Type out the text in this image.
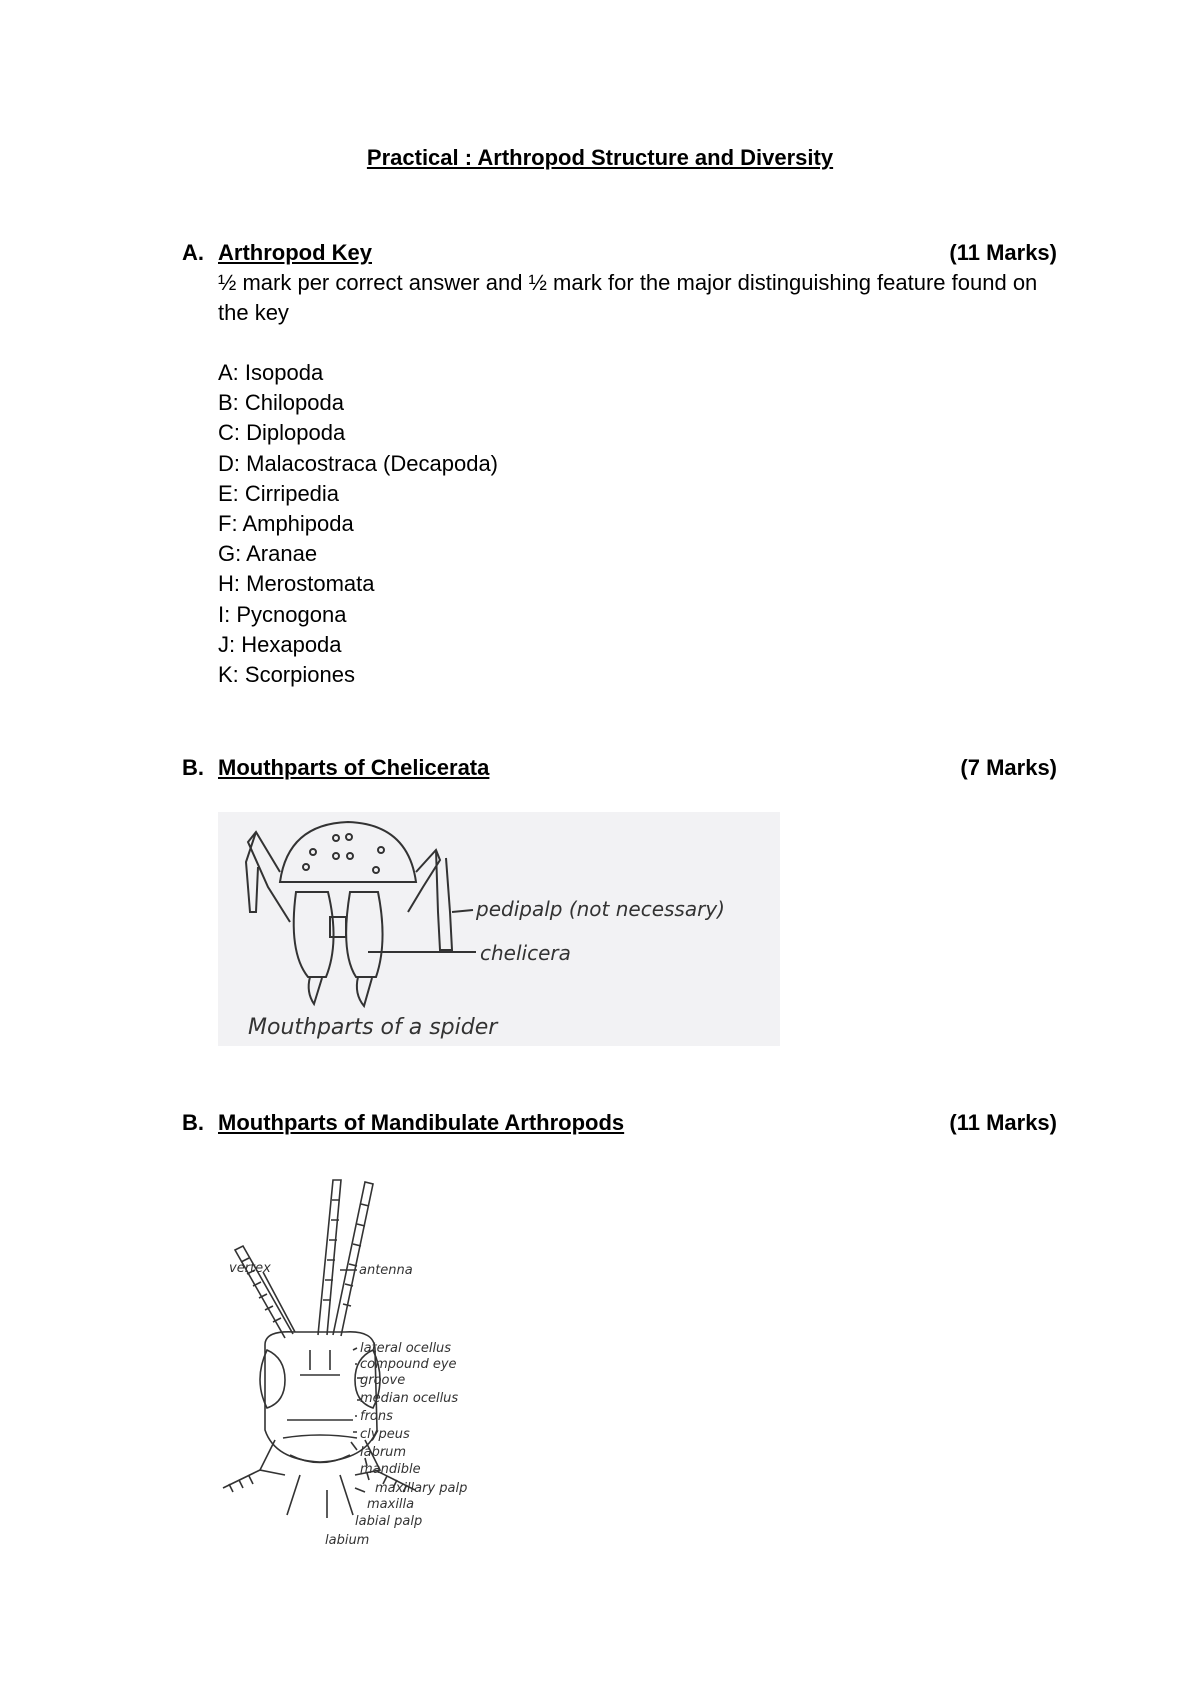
Practical : Arthropod Structure and Diversity
A. Arthropod Key	(11 Marks)
½ mark per correct answer and ½ mark for the major distinguishing feature found on the key
A: Isopoda
B: Chilopoda
C: Diplopoda
D: Malacostraca (Decapoda)
E: Cirripedia
F: Amphipoda
G: Aranae
H: Merostomata
I: Pycnogona
J: Hexapoda
K: Scorpiones
B. Mouthparts of Chelicerata	(7 Marks)
pedipalp (not necessary)
chelicera
Mouthparts of a spider
B. Mouthparts of Mandibulate Arthropods	(11 Marks)
vertex	antenna
lateral ocellus
compound eye
groove
median ocellus
frons
clypeus
labrum
mandible
maxillary palp
maxilla
labial palp
labium
